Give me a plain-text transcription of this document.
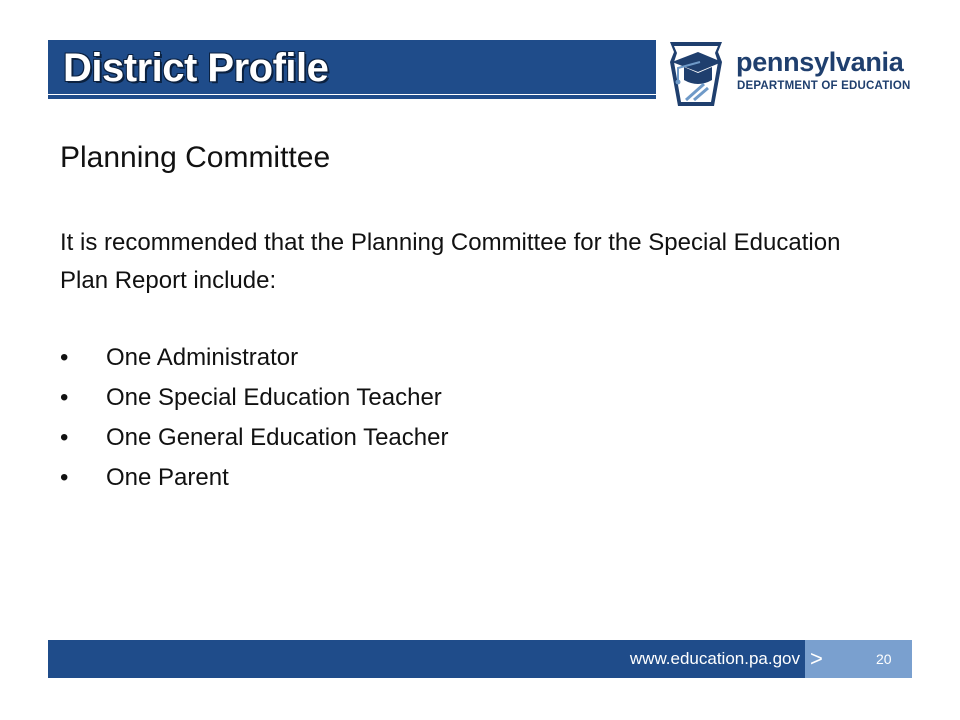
District Profile	pennsylvania
DEPARTMENT OF EDUCATION
Planning Committee
It is recommended that the Planning Committee for the Special Education Plan Report include:
•	One Administrator
•	One Special Education Teacher
•	One General Education Teacher
•	One Parent
www.education.pa.gov >	20
